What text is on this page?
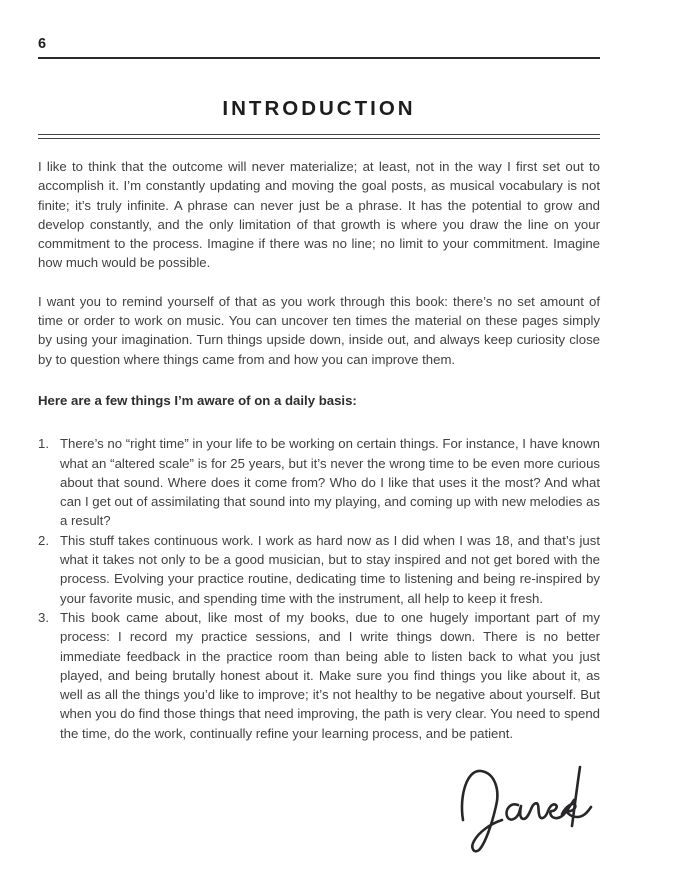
6
INTRODUCTION

I like to think that the outcome will never materialize; at least, not in the way I first set out to accomplish it. I’m constantly updating and moving the goal posts, as musical vocabulary is not finite; it’s truly infinite. A phrase can never just be a phrase. It has the potential to grow and develop constantly, and the only limitation of that growth is where you draw the line on your commitment to the process. Imagine if there was no line; no limit to your commitment. Imagine how much would be possible.

I want you to remind yourself of that as you work through this book: there’s no set amount of time or order to work on music. You can uncover ten times the material on these pages simply by using your imagination. Turn things upside down, inside out, and always keep curiosity close by to question where things came from and how you can improve them.

Here are a few things I’m aware of on a daily basis:

1. There’s no “right time” in your life to be working on certain things. For instance, I have known what an “altered scale” is for 25 years, but it’s never the wrong time to be even more curious about that sound. Where does it come from? Who do I like that uses it the most? And what can I get out of assimilating that sound into my playing, and coming up with new melodies as a result?
2. This stuff takes continuous work. I work as hard now as I did when I was 18, and that’s just what it takes not only to be a good musician, but to stay inspired and not get bored with the process. Evolving your practice routine, dedicating time to listening and being re-inspired by your favorite music, and spending time with the instrument, all help to keep it fresh.
3. This book came about, like most of my books, due to one hugely important part of my process: I record my practice sessions, and I write things down. There is no better immediate feedback in the practice room than being able to listen back to what you just played, and being brutally honest about it. Make sure you find things you like about it, as well as all the things you’d like to improve; it’s not healthy to be negative about yourself. But when you do find those things that need improving, the path is very clear. You need to spend the time, do the work, continually refine your learning process, and be patient.
